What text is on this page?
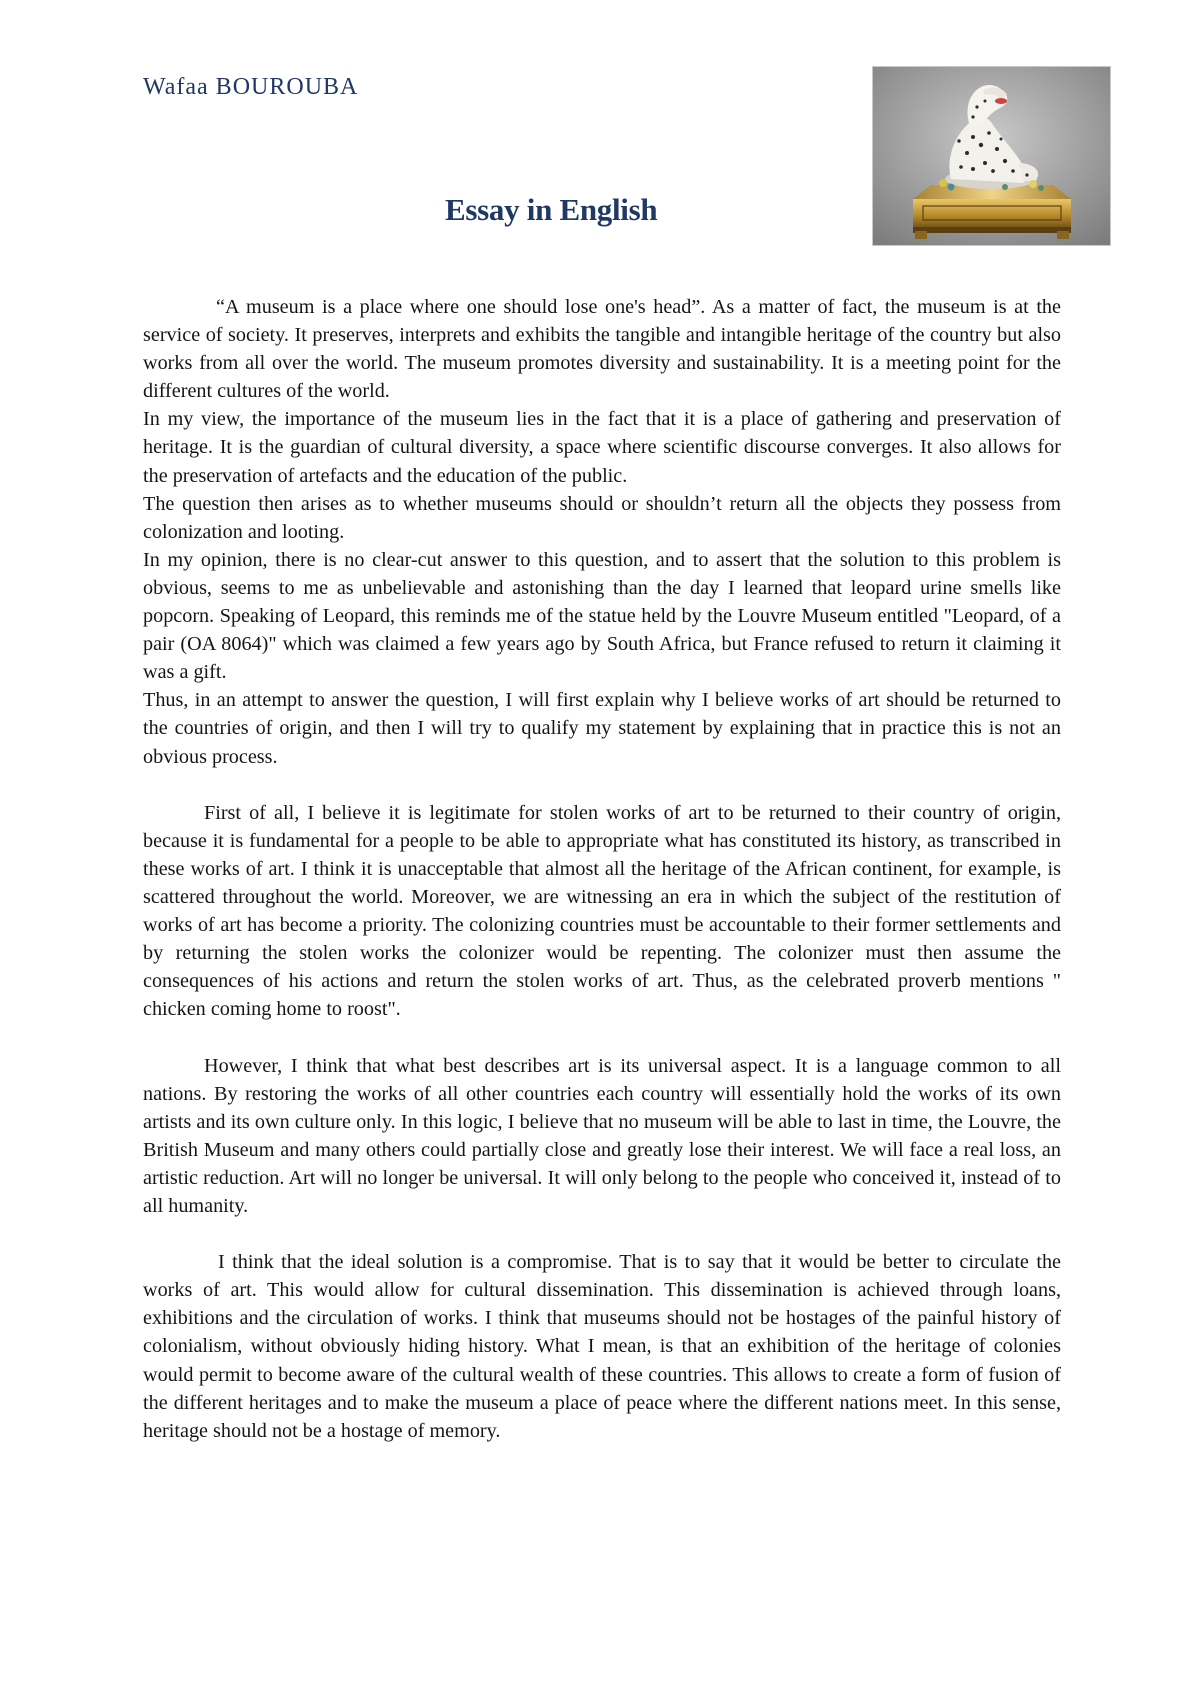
Wafaa BOUROUBA
Essay in English

“A museum is a place where one should lose one's head”. As a matter of fact, the museum is at the service of society. It preserves, interprets and exhibits the tangible and intangible heritage of the country but also works from all over the world. The museum promotes diversity and sustainability. It is a meeting point for the different cultures of the world.

In my view, the importance of the museum lies in the fact that it is a place of gathering and preservation of heritage. It is the guardian of cultural diversity, a space where scientific discourse converges. It also allows for the preservation of artefacts and the education of the public.

The question then arises as to whether museums should or shouldn’t return all the objects they possess from colonization and looting.

In my opinion, there is no clear-cut answer to this question, and to assert that the solution to this problem is obvious, seems to me as unbelievable and astonishing than the day I learned that leopard urine smells like popcorn. Speaking of Leopard, this reminds me of the statue held by the Louvre Museum entitled "Leopard, of a pair (OA 8064)" which was claimed a few years ago by South Africa, but France refused to return it claiming it was a gift.

Thus, in an attempt to answer the question, I will first explain why I believe works of art should be returned to the countries of origin, and then I will try to qualify my statement by explaining that in practice this is not an obvious process.

First of all, I believe it is legitimate for stolen works of art to be returned to their country of origin, because it is fundamental for a people to be able to appropriate what has constituted its history, as transcribed in these works of art. I think it is unacceptable that almost all the heritage of the African continent, for example, is scattered throughout the world. Moreover, we are witnessing an era in which the subject of the restitution of works of art has become a priority. The colonizing countries must be accountable to their former settlements and by returning the stolen works the colonizer would be repenting. The colonizer must then assume the consequences of his actions and return the stolen works of art. Thus, as the celebrated proverb mentions " chicken coming home to roost".

However, I think that what best describes art is its universal aspect. It is a language common to all nations. By restoring the works of all other countries each country will essentially hold the works of its own artists and its own culture only. In this logic, I believe that no museum will be able to last in time, the Louvre, the British Museum and many others could partially close and greatly lose their interest. We will face a real loss, an artistic reduction. Art will no longer be universal. It will only belong to the people who conceived it, instead of to all humanity.

I think that the ideal solution is a compromise. That is to say that it would be better to circulate the works of art. This would allow for cultural dissemination. This dissemination is achieved through loans, exhibitions and the circulation of works. I think that museums should not be hostages of the painful history of colonialism, without obviously hiding history. What I mean, is that an exhibition of the heritage of colonies would permit to become aware of the cultural wealth of these countries. This allows to create a form of fusion of the different heritages and to make the museum a place of peace where the different nations meet. In this sense, heritage should not be a hostage of memory.
